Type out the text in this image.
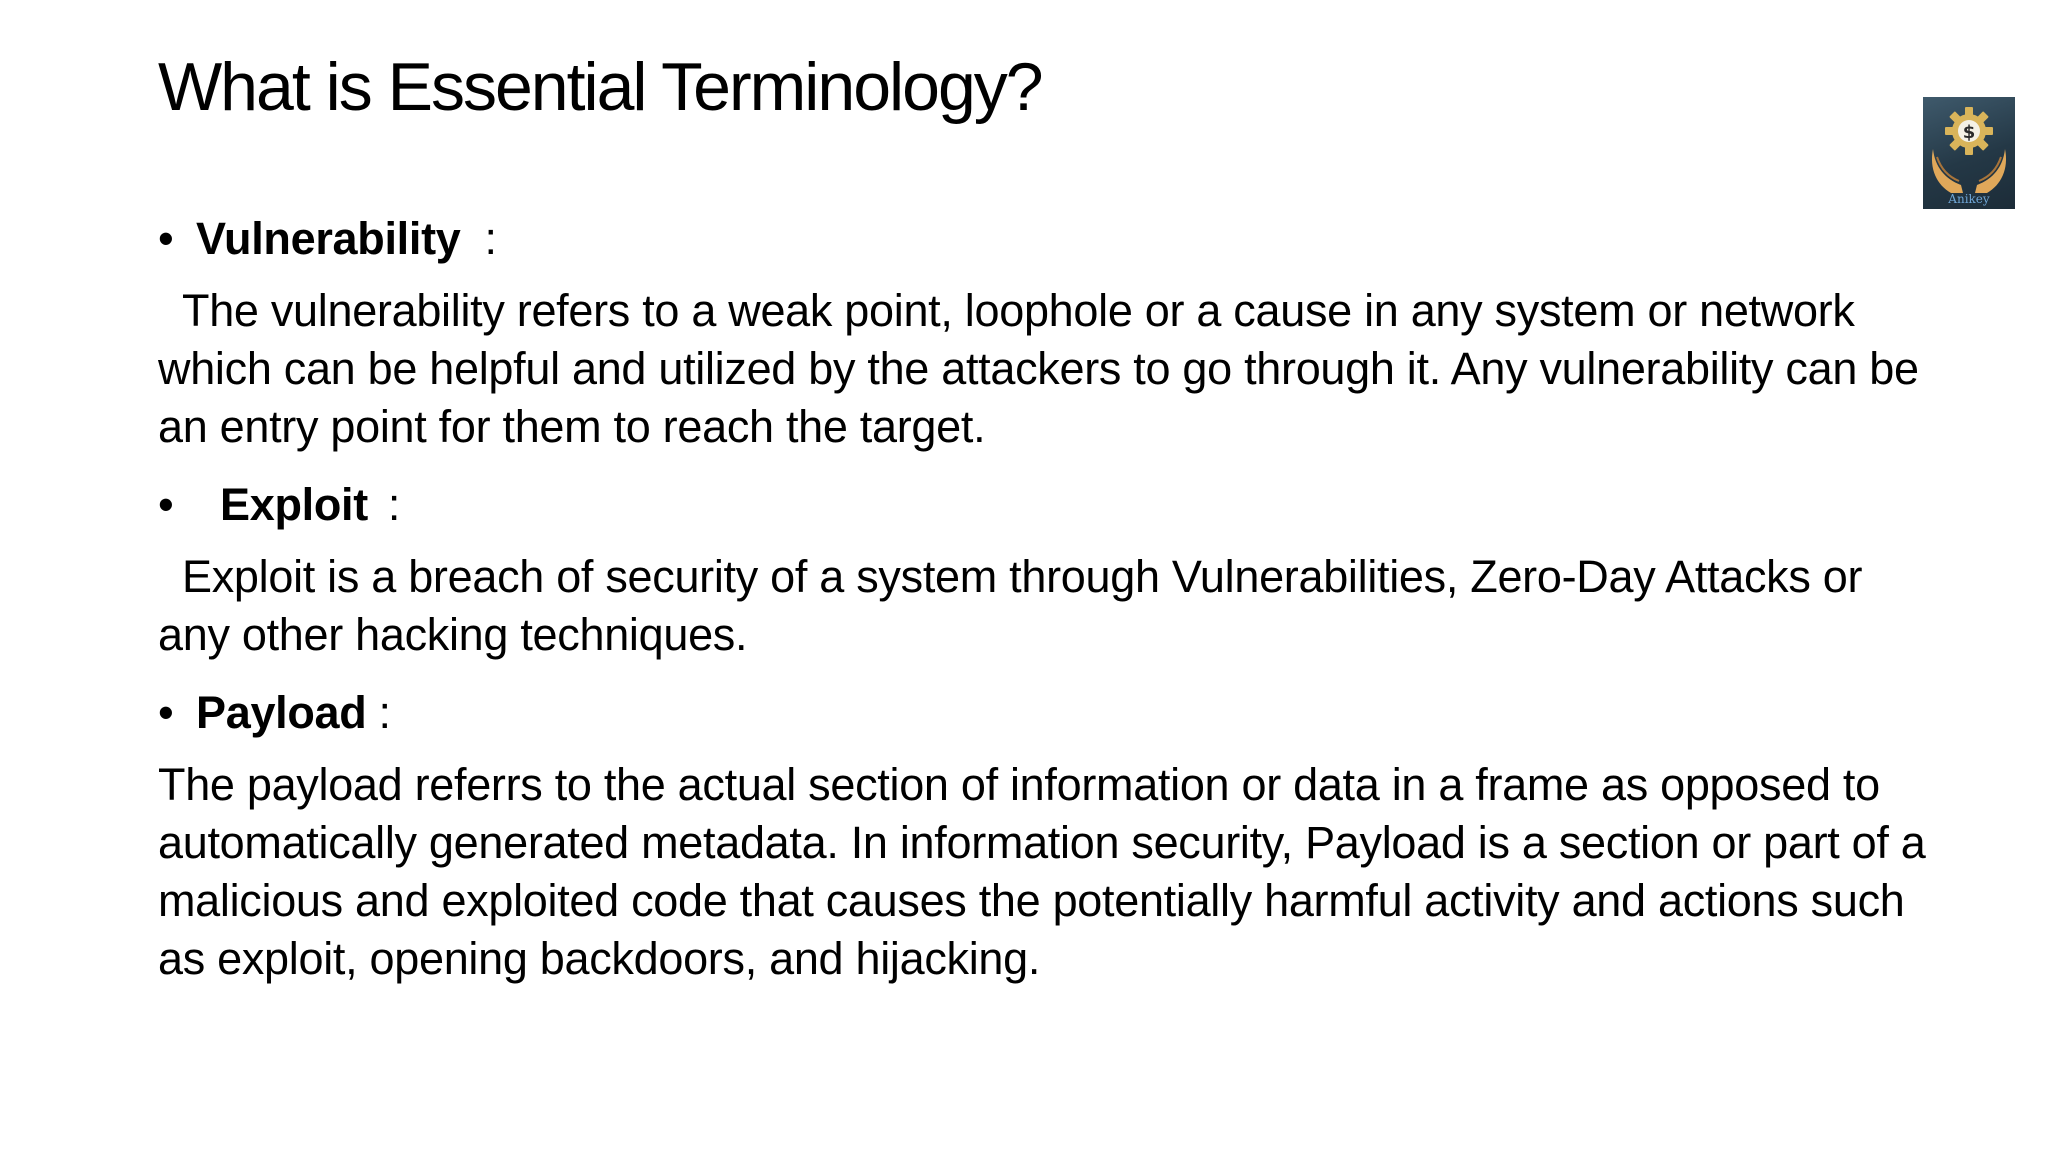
What is Essential Terminology?
$
Anikey

• Vulnerability :

The vulnerability refers to a weak point, loophole or a cause in any system or network which can be helpful and utilized by the attackers to go through it. Any vulnerability can be an entry point for them to reach the target.

•	Exploit :

Exploit is a breach of security of a system through Vulnerabilities, Zero-Day Attacks or any other hacking techniques.

• Payload :

The payload referrs to the actual section of information or data in a frame as opposed to automatically generated metadata. In information security, Payload is a section or part of a malicious and exploited code that causes the potentially harmful activity and actions such as exploit, opening backdoors, and hijacking.
